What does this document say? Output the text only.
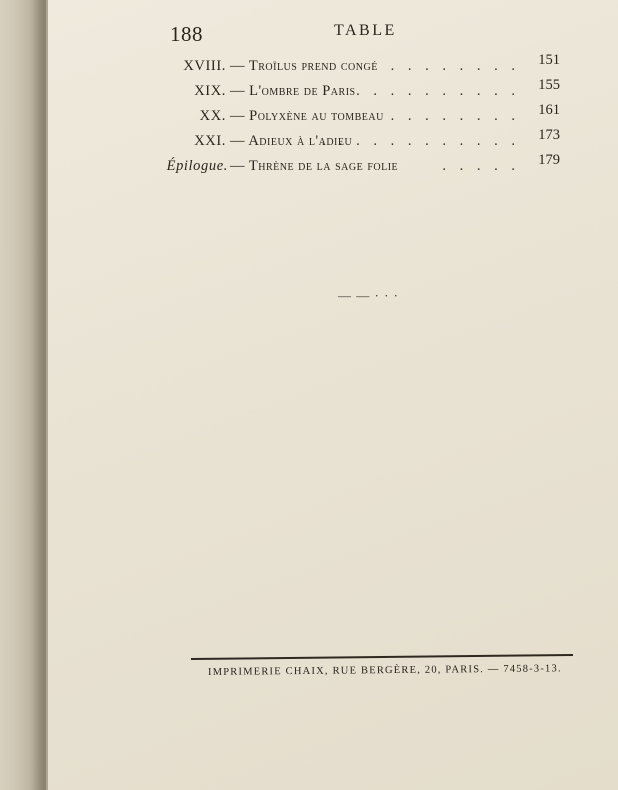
188	TABLE
XVIII. — Troïlus prend congé . . . . . . . . 151
XIX. — L'ombre de Paris . . . . . . . . . . 155
XX. — Polyxène au tombeau . . . . . . . . 161
XXI. — Adieux à l'adieu
. . . . . . . . . . . . 173
Épilogue. — Thrène de la sage folie	. . . . . 179
— — · · ·
IMPRIMERIE CHAIX, RUE BERGÈRE, 20, PARIS. — 7458-3-13.
